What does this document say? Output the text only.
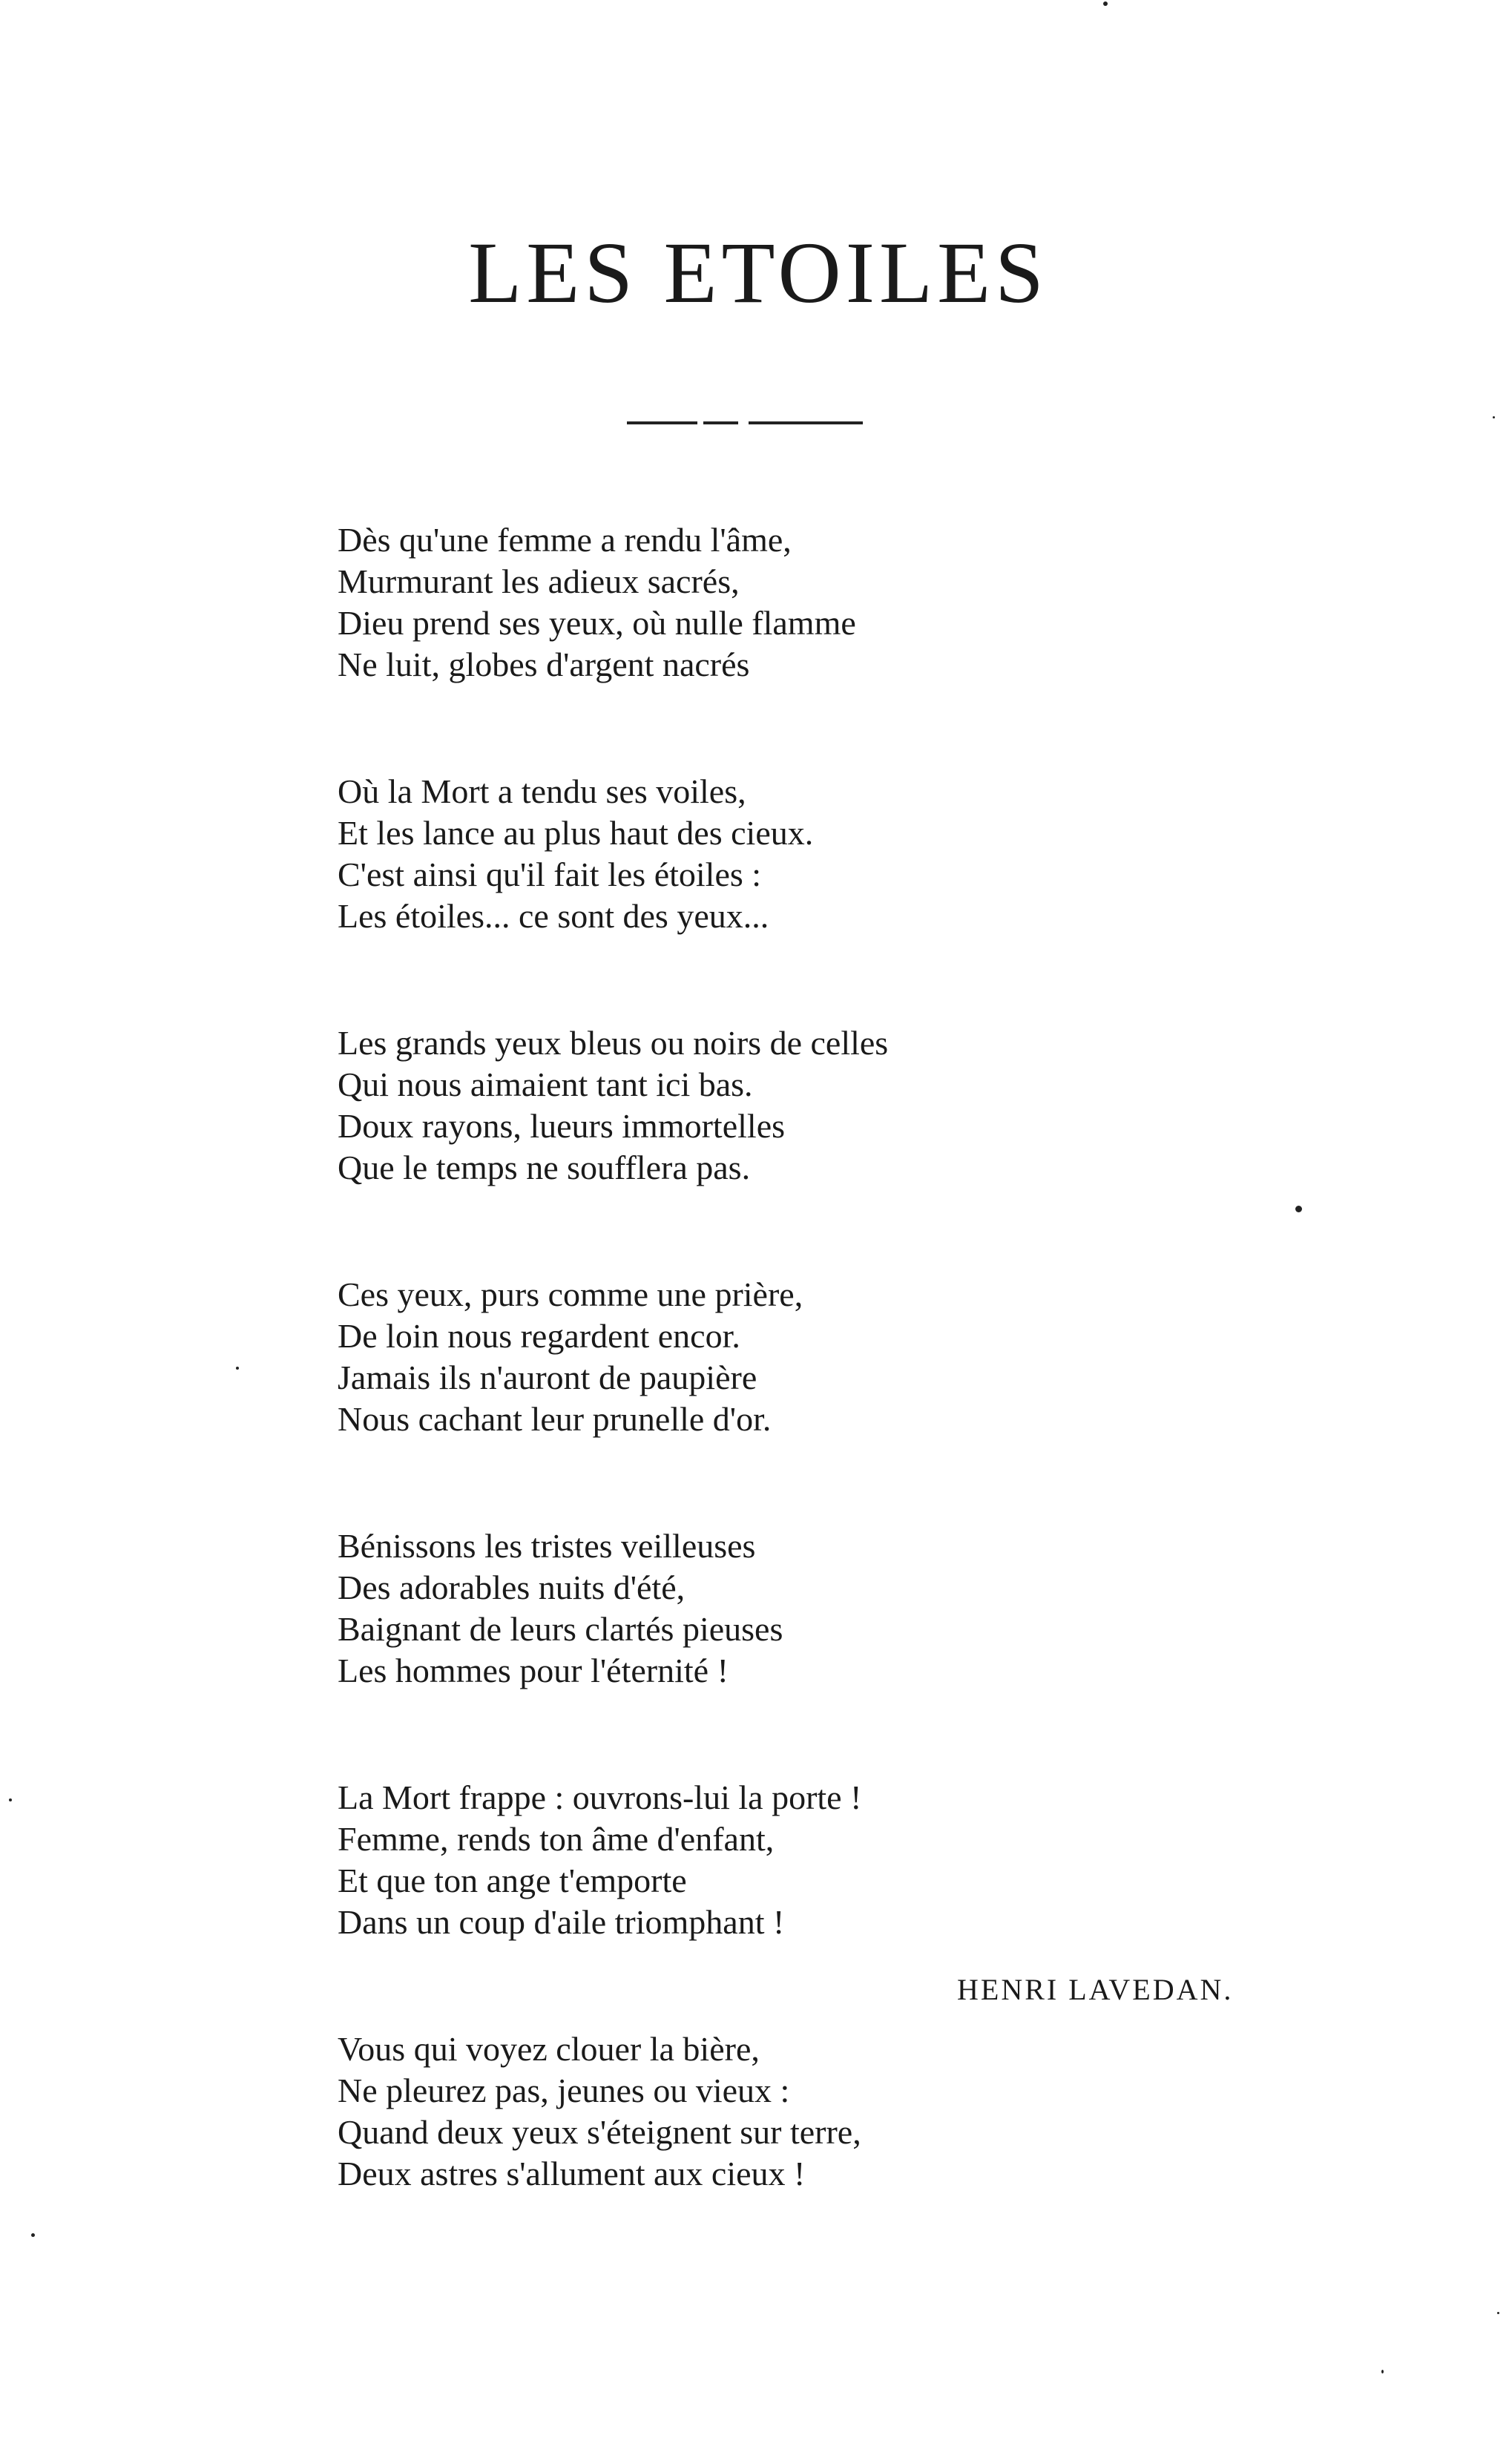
LES ETOILES
Dès qu'une femme a rendu l'âme,
Murmurant les adieux sacrés,
Dieu prend ses yeux, où nulle flamme
Ne luit, globes d'argent nacrés
Où la Mort a tendu ses voiles,
Et les lance au plus haut des cieux.
C'est ainsi qu'il fait les étoiles :
Les étoiles... ce sont des yeux...
Les grands yeux bleus ou noirs de celles
Qui nous aimaient tant ici bas.
Doux rayons, lueurs immortelles
Que le temps ne soufflera pas.
Ces yeux, purs comme une prière,
De loin nous regardent encor.
Jamais ils n'auront de paupière
Nous cachant leur prunelle d'or.
Bénissons les tristes veilleuses
Des adorables nuits d'été,
Baignant de leurs clartés pieuses
Les hommes pour l'éternité !
La Mort frappe : ouvrons-lui la porte !
Femme, rends ton âme d'enfant,
Et que ton ange t'emporte
Dans un coup d'aile triomphant !
Vous qui voyez clouer la bière,
Ne pleurez pas, jeunes ou vieux :
Quand deux yeux s'éteignent sur terre,
Deux astres s'allument aux cieux !
HENRI LAVEDAN.
